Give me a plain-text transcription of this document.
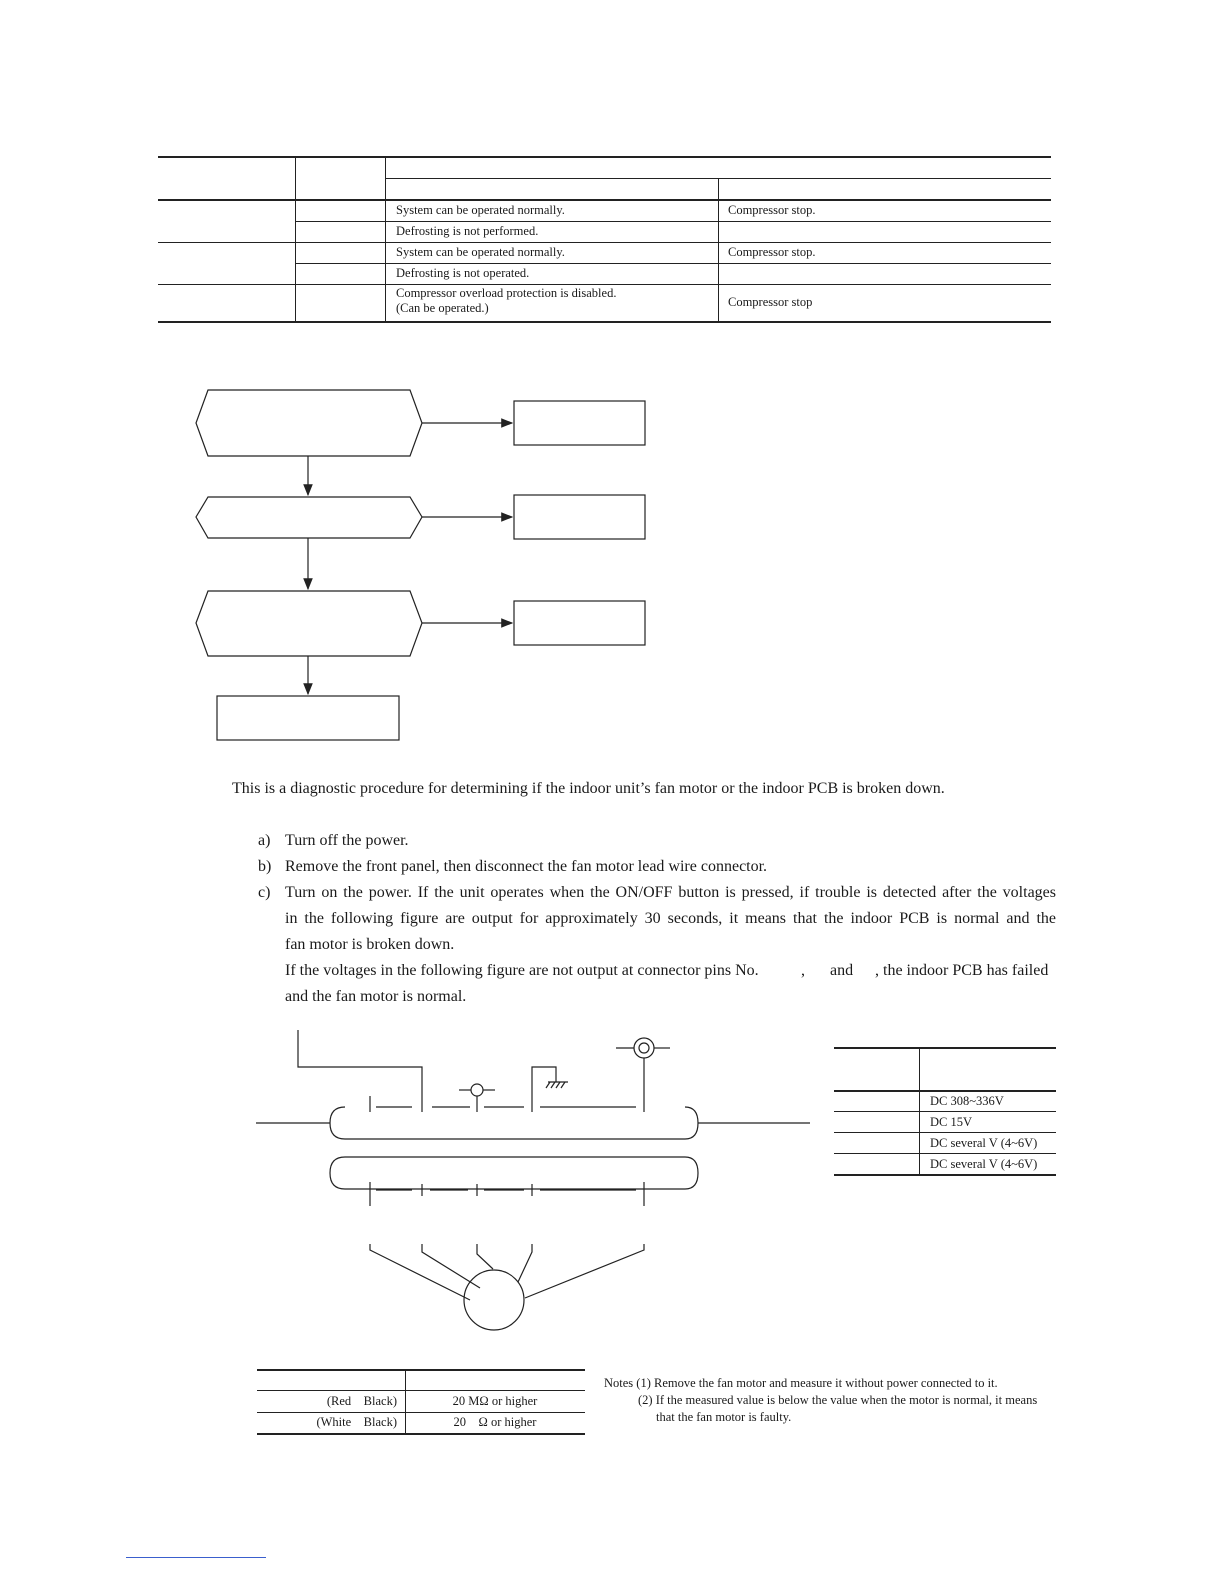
System can be operated normally.	Compressor stop.
Defrosting is not performed.
System can be operated normally.	Compressor stop.
Defrosting is not operated.
Compressor overload protection is disabled.
(Can be operated.)	Compressor stop
This is a diagnostic procedure for determining if the indoor unit’s fan motor or the indoor PCB is broken down.
a) Turn off the power.
b) Remove the front panel, then disconnect the fan motor lead wire connector.
c) Turn on the power. If the unit operates when the ON/OFF button is pressed, if trouble is detected after the voltages
in the following figure are output for approximately 30 seconds, it means that the indoor PCB is normal and the
fan motor is broken down.
If the voltages in the following figure are not output at connector pins No.	, and , the indoor PCB has failed
and the fan motor is normal.
DC 308~336V
DC 15V
DC several V (4~6V)
DC several V (4~6V)
(Red    Black)	20 MΩ or higher
(White    Black)	20    Ω or higher
Notes (1) Remove the fan motor and measure it without power connected to it.
(2) If the measured value is below the value when the motor is normal, it means
that the fan motor is faulty.
